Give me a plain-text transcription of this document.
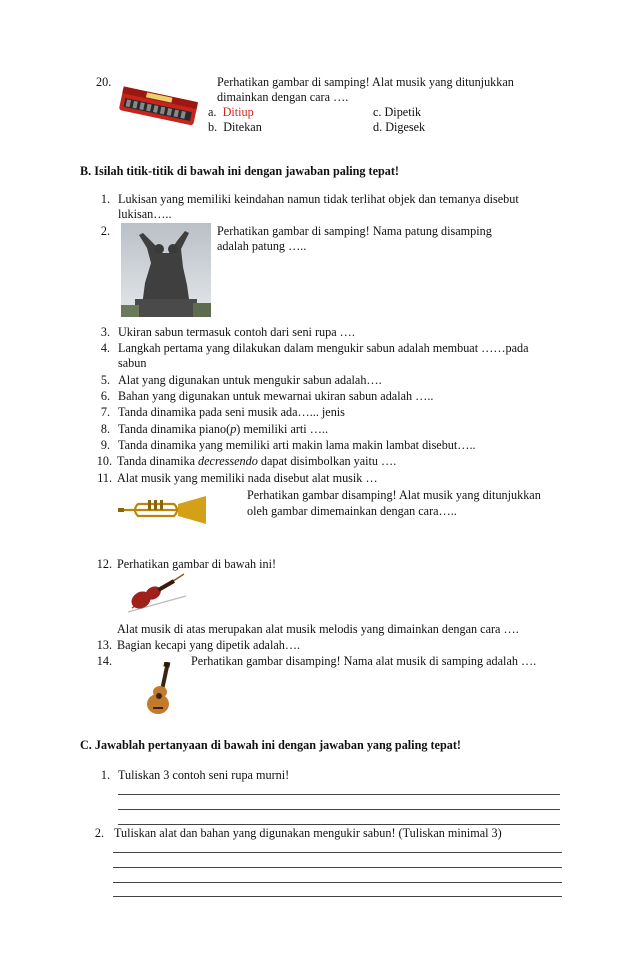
20.	Perhatikan gambar di samping! Alat musik yang ditunjukkan
dimainkan dengan cara ….
a. Ditiup
b. Ditekan
c. Dipetik
d. Digesek
B. Isilah titik-titik di bawah ini dengan jawaban paling tepat!
1. Lukisan yang memiliki keindahan namun tidak terlihat objek dan temanya disebut
lukisan…..
2.	Perhatikan gambar di samping! Nama patung disamping
adalah patung …..
3. Ukiran sabun termasuk contoh dari seni rupa ….
4. Langkah pertama yang dilakukan dalam mengukir sabun adalah membuat ……pada
sabun
5. Alat yang digunakan untuk mengukir sabun adalah….
6. Bahan yang digunakan untuk mewarnai ukiran sabun adalah …..
7. Tanda dinamika pada seni musik ada…... jenis
8. Tanda dinamika piano(p) memiliki arti …..
9. Tanda dinamika yang memiliki arti makin lama makin lambat disebut…..
10. Tanda dinamika decressendo dapat disimbolkan yaitu ….
11. Alat musik yang memiliki nada disebut alat musik …
Perhatikan gambar disamping! Alat musik yang ditunjukkan
oleh gambar dimemainkan dengan cara…..
12. Perhatikan gambar di bawah ini!
Alat musik di atas merupakan alat musik melodis yang dimainkan dengan cara ….
13. Bagian kecapi yang dipetik adalah….
14.	Perhatikan gambar disamping! Nama alat musik di samping adalah ….
C. Jawablah pertanyaan di bawah ini dengan jawaban yang paling tepat!
1. Tuliskan 3 contoh seni rupa murni!
2. Tuliskan alat dan bahan yang digunakan mengukir sabun! (Tuliskan minimal 3)
